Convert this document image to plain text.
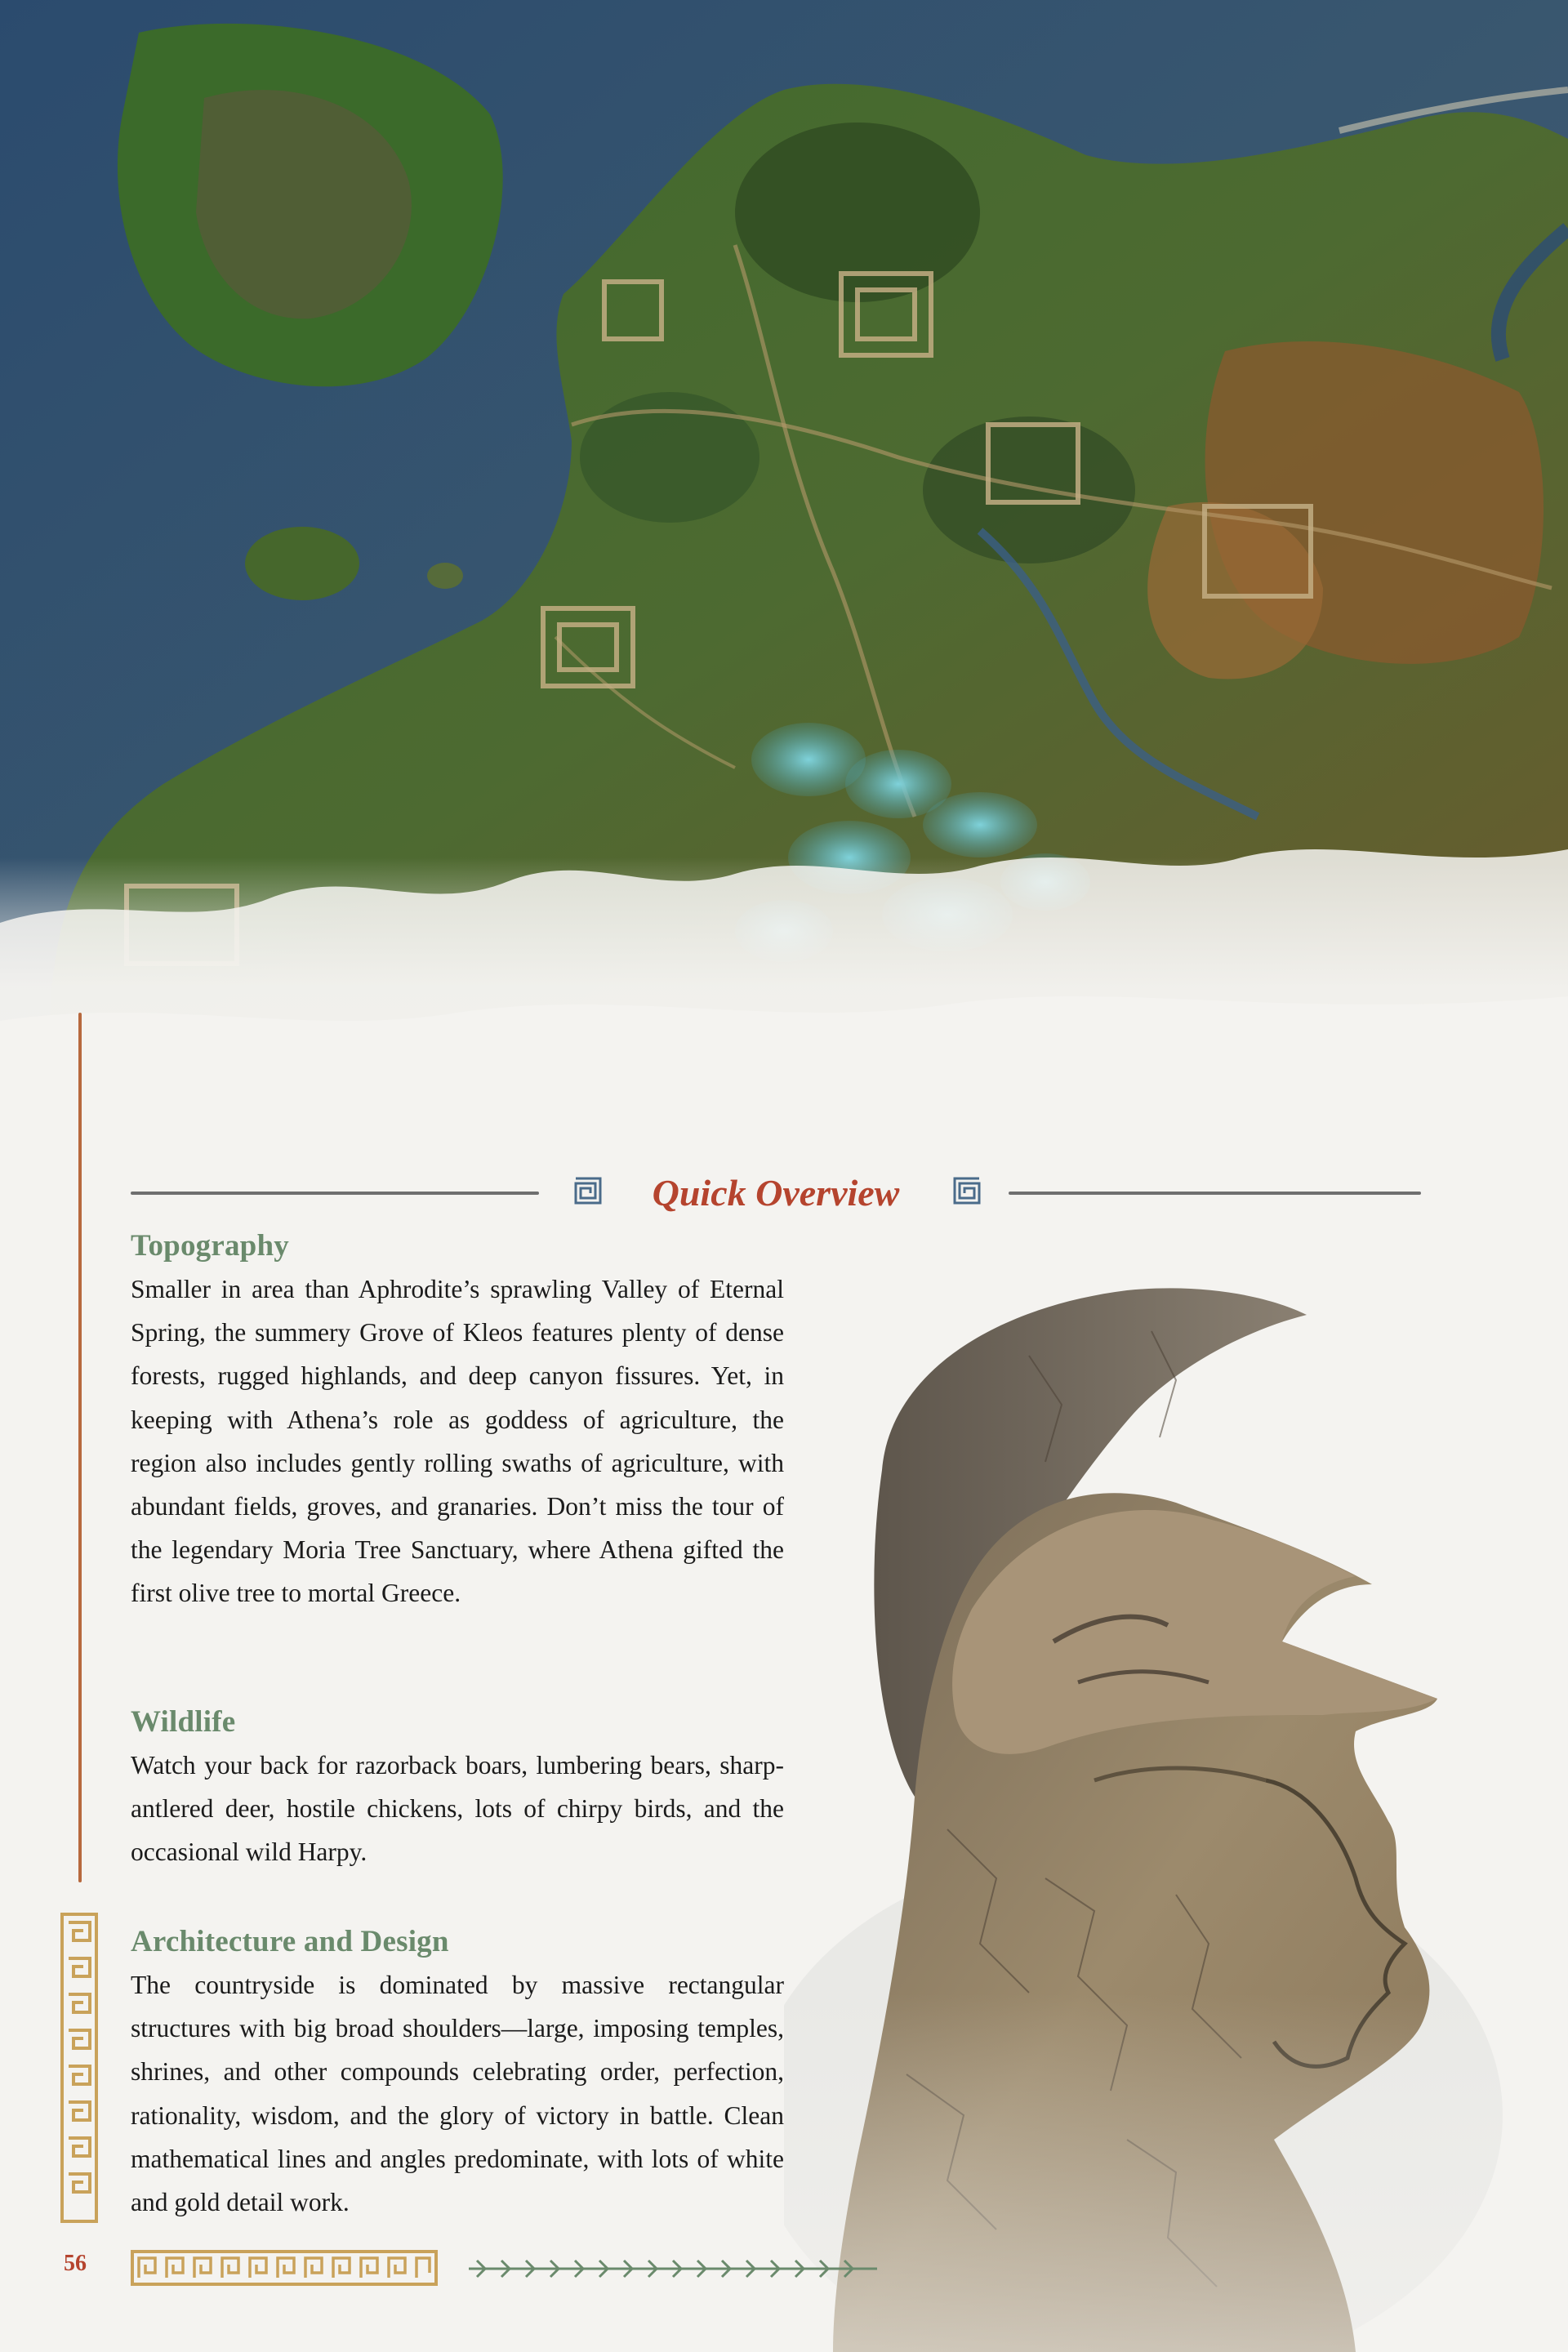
Quick Overview
Topography

Smaller in area than Aphrodite’s sprawling Valley of Eternal Spring, the summery Grove of Kleos features plenty of dense forests, rugged highlands, and deep canyon fissures. Yet, in keeping with Athena’s role as goddess of agriculture, the region also includes gently rolling swaths of agriculture, with abundant fields, groves, and granaries. Don’t miss the tour of the legendary Moria Tree Sanctuary, where Athena gifted the first olive tree to mortal Greece.

Wildlife

Watch your back for razorback boars, lumbering bears, sharp-antlered deer, hostile chickens, lots of chirpy birds, and the occasional wild Harpy.

Architecture and Design

The countryside is dominated by massive rectangular structures with big broad shoulders—large, imposing temples, shrines, and other compounds celebrating order, perfection, rationality, wisdom, and the glory of victory in battle. Clean mathematical lines and angles predominate, with lots of white and gold detail work.

56
